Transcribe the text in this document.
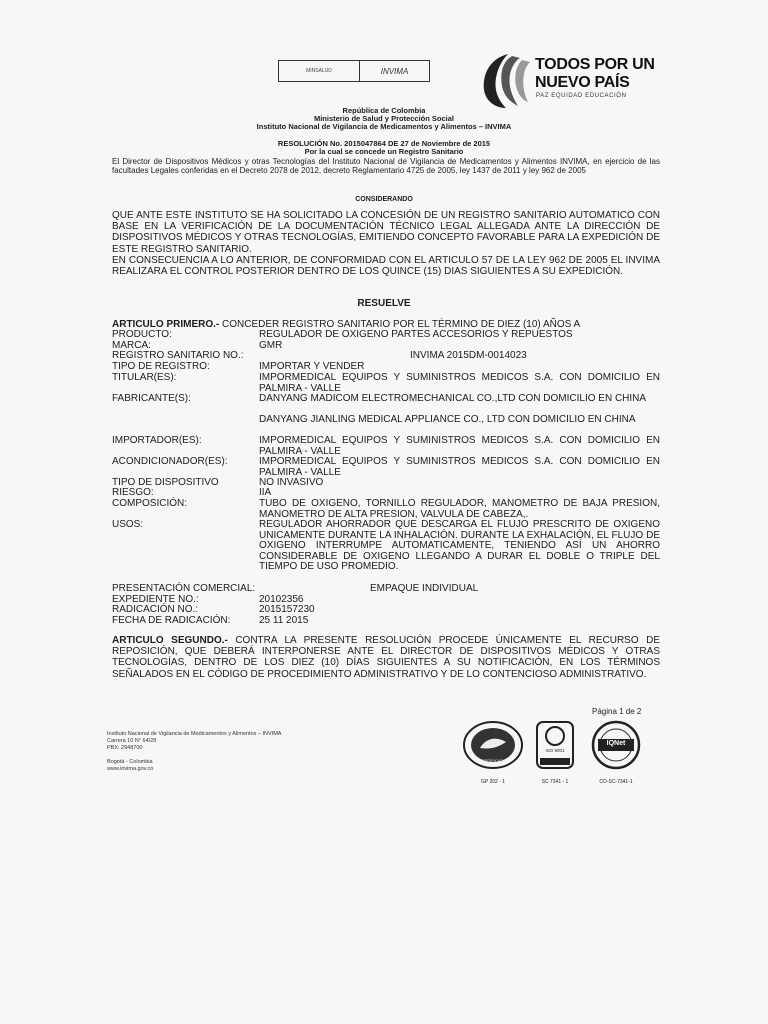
MINSALUD	INVIMA	TODOS POR UN
NUEVO PAÍS
PAZ EQUIDAD EDUCACIÓN
República de Colombia
Ministerio de Salud y Protección Social
Instituto Nacional de Vigilancia de Medicamentos y Alimentos – INVIMA
RESOLUCIÓN No. 2015047864 DE 27 de Noviembre de 2015
Por la cual se concede un Registro Sanitario
El Director de Dispositivos Médicos y otras Tecnologías del Instituto Nacional de Vigilancia de Medicamentos y Alimentos INVIMA, en ejercicio de las facultades Legales conferidas en el Decreto 2078 de 2012, decreto Reglamentario 4725 de 2005, ley 1437 de 2011 y ley 962 de 2005
CONSIDERANDO
QUE ANTE ESTE INSTITUTO SE HA SOLICITADO LA CONCESIÓN DE UN REGISTRO SANITARIO AUTOMATICO CON BASE EN LA VERIFICACIÓN DE LA DOCUMENTACIÓN TÉCNICO LEGAL ALLEGADA ANTE LA DIRECCIÓN DE DISPOSITIVOS MÉDICOS Y OTRAS TECNOLOGÍAS, EMITIENDO CONCEPTO FAVORABLE PARA LA EXPEDICIÓN DE ESTE REGISTRO SANITARIO.
EN CONSECUENCIA A LO ANTERIOR, DE CONFORMIDAD CON EL ARTICULO 57 DE LA LEY 962 DE 2005 EL INVIMA REALIZARA EL CONTROL POSTERIOR DENTRO DE LOS QUINCE (15) DIAS SIGUIENTES A SU EXPEDICIÓN.
RESUELVE
ARTICULO PRIMERO.- CONCEDER REGISTRO SANITARIO POR EL TÉRMINO DE DIEZ (10) AÑOS A
PRODUCTO:	REGULADOR DE OXIGENO PARTES ACCESORIOS Y REPUESTOS
MARCA:	GMR
REGISTRO SANITARIO NO.:	INVIMA 2015DM-0014023
TIPO DE REGISTRO:	IMPORTAR Y VENDER
TITULAR(ES):	IMPORMEDICAL EQUIPOS Y SUMINISTROS MEDICOS S.A. CON DOMICILIO EN PALMIRA - VALLE
FABRICANTE(S):	DANYANG MADICOM ELECTROMECHANICAL CO.,LTD CON DOMICILIO EN CHINA
DANYANG JIANLING MEDICAL APPLIANCE CO., LTD CON DOMICILIO EN CHINA
IMPORTADOR(ES):	IMPORMEDICAL EQUIPOS Y SUMINISTROS MEDICOS S.A. CON DOMICILIO EN PALMIRA - VALLE
ACONDICIONADOR(ES):	IMPORMEDICAL EQUIPOS Y SUMINISTROS MEDICOS S.A. CON DOMICILIO EN PALMIRA - VALLE
TIPO DE DISPOSITIVO	NO INVASIVO
RIESGO:	IIA
COMPOSICIÓN:	TUBO DE OXIGENO, TORNILLO REGULADOR, MANOMETRO DE BAJA PRESION, MANOMETRO DE ALTA PRESION, VALVULA DE CABEZA,.
USOS:	REGULADOR AHORRADOR QUE DESCARGA EL FLUJO PRESCRITO DE OXIGENO UNICAMENTE DURANTE LA INHALACIÓN. DURANTE LA EXHALACIÓN, EL FLUJO DE OXIGENO INTERRUMPE AUTOMATICAMENTE, TENIENDO ASÍ UN AHORRO CONSIDERABLE DE OXIGENO LLEGANDO A DURAR EL DOBLE O TRIPLE DEL TIEMPO DE USO PROMEDIO.
PRESENTACIÓN COMERCIAL:	EMPAQUE INDIVIDUAL
EXPEDIENTE NO.:	20102356
RADICACIÓN NO.:	2015157230
FECHA DE RADICACIÓN:	25 11 2015
ARTICULO SEGUNDO.- CONTRA LA PRESENTE RESOLUCIÓN PROCEDE ÚNICAMENTE EL RECURSO DE REPOSICIÓN, QUE DEBERÁ INTERPONERSE ANTE EL DIRECTOR DE DISPOSITIVOS MÉDICOS Y OTRAS TECNOLOGÍAS, DENTRO DE LOS DIEZ (10) DÍAS SIGUIENTES A SU NOTIFICACIÓN, EN LOS TÉRMINOS SEÑALADOS EN EL CÓDIGO DE PROCEDIMIENTO ADMINISTRATIVO Y DE LO CONTENCIOSO ADMINISTRATIVO.
Página 1 de 2
Instituto Nacional de Vigilancia de Medicamentos y Alimentos – INVIMA
Carrera 10 N° 64/28
PBX: 2948700
Bogotá - Colombia
www.invima.gov.co
CERTIFICADO
GP 202 - 1
ISO 9001
SC 7341 - 1
IQNet
CO-SC-7341-1
